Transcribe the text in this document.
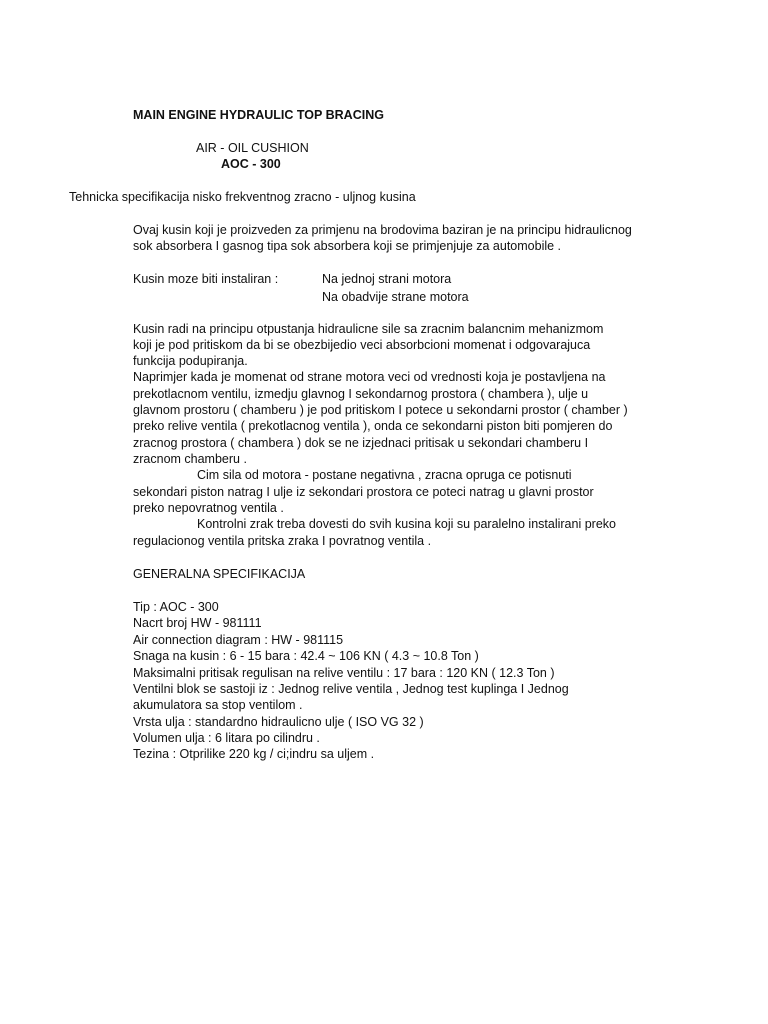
MAIN ENGINE HYDRAULIC TOP BRACING

AIR - OIL CUSHION

AOC - 300

Tehnicka specifikacija nisko frekventnog zracno - uljnog kusina

Ovaj kusin koji je proizveden za primjenu na brodovima baziran je na principu hidraulicnog

sok absorbera I gasnog tipa sok absorbera koji se primjenjuje za automobile .

Kusin moze biti instaliran :	Na jednoj strani motora

Na obadvije strane motora

Kusin radi na principu otpustanja hidraulicne sile sa zracnim balancnim mehanizmom

koji je pod pritiskom da bi se obezbijedio veci absorbcioni momenat i odgovarajuca

funkcija podupiranja.

Naprimjer kada je momenat od strane motora veci od vrednosti koja je postavljena na

prekotlacnom ventilu, izmedju glavnog I sekondarnog prostora ( chambera ), ulje u

glavnom prostoru ( chamberu ) je pod pritiskom I potece u sekondarni prostor ( chamber )

preko relive ventila ( prekotlacnog ventila ), onda ce sekondarni piston biti pomjeren do

zracnog prostora ( chambera ) dok se ne izjednaci pritisak u sekondari chamberu I

zracnom chamberu .

Cim sila od motora - postane negativna , zracna opruga ce potisnuti

sekondari piston natrag I ulje iz sekondari prostora ce poteci natrag u glavni prostor

preko nepovratnog ventila .

Kontrolni zrak treba dovesti do svih kusina koji su paralelno instalirani preko

regulacionog ventila pritska zraka I povratnog ventila .

GENERALNA SPECIFIKACIJA

Tip : AOC - 300

Nacrt broj HW - 981111

Air connection diagram : HW - 981115

Snaga na kusin : 6 - 15 bara : 42.4 ~ 106 KN ( 4.3 ~ 10.8 Ton )

Maksimalni pritisak regulisan na relive ventilu : 17 bara : 120 KN ( 12.3 Ton )

Ventilni blok se sastoji iz : Jednog relive ventila , Jednog test kuplinga I Jednog

akumulatora sa stop ventilom .

Vrsta ulja : standardno hidraulicno ulje ( ISO VG 32 )

Volumen ulja : 6 litara po cilindru .

Tezina : Otprilike 220 kg / ci;indru sa uljem .
